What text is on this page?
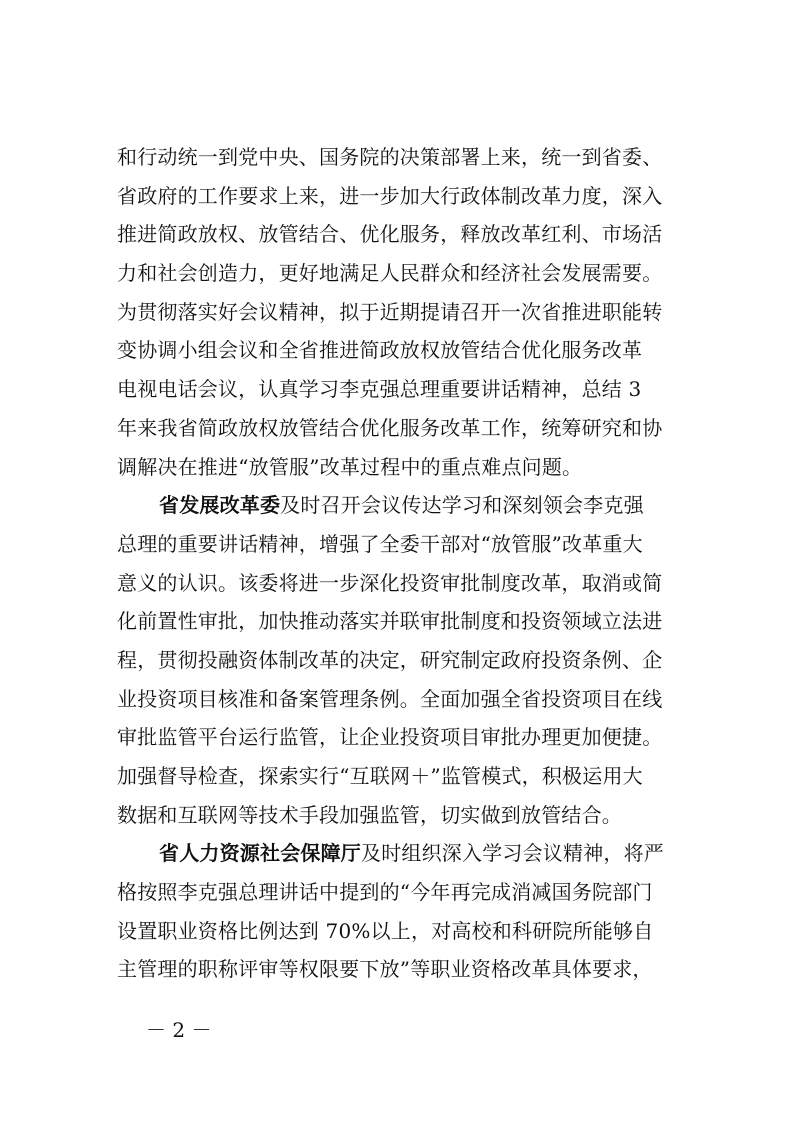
和行动统一到党中央、国务院的决策部署上来，统一到省委、
省政府的工作要求上来，进一步加大行政体制改革力度，深入
推进简政放权、放管结合、优化服务，释放改革红利、市场活
力和社会创造力，更好地满足人民群众和经济社会发展需要。
为贯彻落实好会议精神，拟于近期提请召开一次省推进职能转
变协调小组会议和全省推进简政放权放管结合优化服务改革
电视电话会议，认真学习李克强总理重要讲话精神，总结 3
年来我省简政放权放管结合优化服务改革工作，统筹研究和协
调解决在推进“放管服”改革过程中的重点难点问题。
省发展改革委及时召开会议传达学习和深刻领会李克强
总理的重要讲话精神，增强了全委干部对“放管服”改革重大
意义的认识。该委将进一步深化投资审批制度改革，取消或简
化前置性审批，加快推动落实并联审批制度和投资领域立法进
程，贯彻投融资体制改革的决定，研究制定政府投资条例、企
业投资项目核准和备案管理条例。全面加强全省投资项目在线
审批监管平台运行监管，让企业投资项目审批办理更加便捷。
加强督导检查，探索实行“互联网＋”监管模式，积极运用大
数据和互联网等技术手段加强监管，切实做到放管结合。
省人力资源社会保障厅及时组织深入学习会议精神，将严
格按照李克强总理讲话中提到的“今年再完成消减国务院部门
设置职业资格比例达到 70%以上，对高校和科研院所能够自
主管理的职称评审等权限要下放”等职业资格改革具体要求，
－ 2 －
